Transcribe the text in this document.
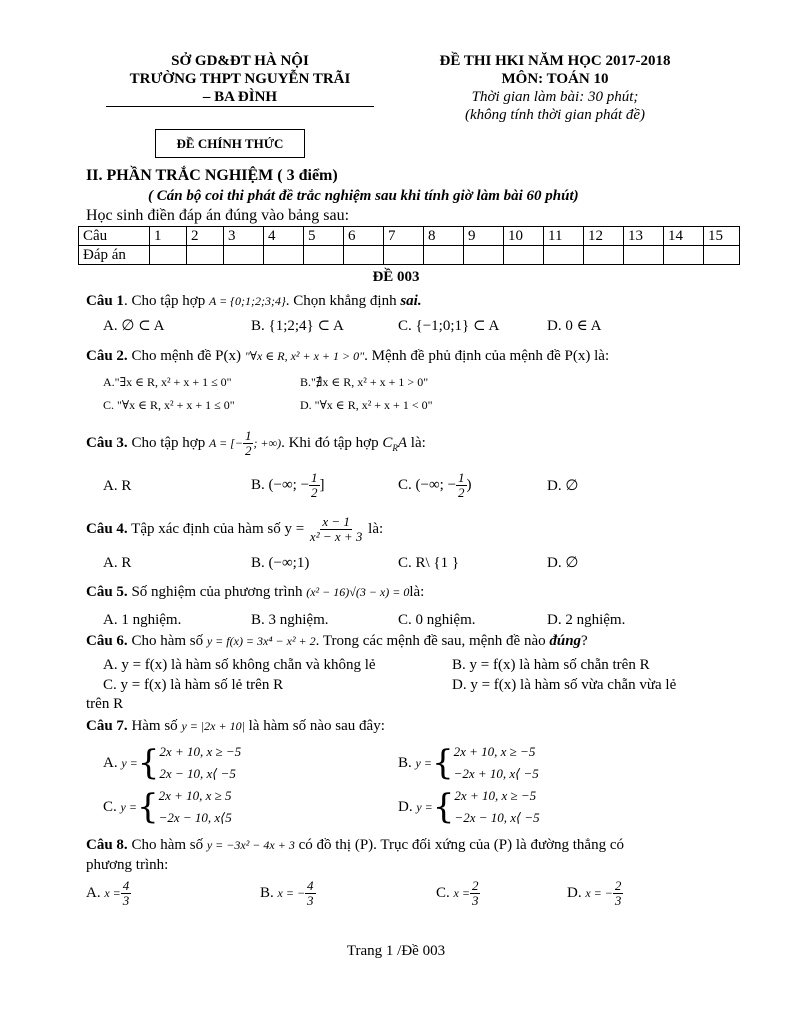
SỞ GD&ĐT HÀ NỘI
TRƯỜNG THPT NGUYỄN TRÃI
– BA ĐÌNH
ĐỀ THI HKI NĂM HỌC 2017-2018
MÔN: TOÁN 10
Thời gian làm bài: 30 phút;
(không tính thời gian phát đề)
ĐỀ CHÍNH THỨC
II. PHẦN TRẮC NGHIỆM ( 3 điểm)
( Cán bộ coi thi phát đề trắc nghiệm sau khi tính giờ làm bài 60 phút)
Học sinh điền đáp án đúng vào bảng sau:
Câu	1	2	3	4	5	6	7	8	9	10	11	12	13	14	15
Đáp án															
ĐỀ 003
Câu 1. Cho tập hợp A = {0;1;2;3;4}. Chọn khẳng định sai.
A. ∅ ⊂ A	B. {1;2;4} ⊂ A	C. {−1;0;1} ⊂ A	D. 0 ∈ A
Câu 2. Cho mệnh đề P(x) "∀x ∈ R, x² + x + 1 > 0". Mệnh đề phủ định của mệnh đề P(x) là:
A."∃x ∈ R, x² + x + 1 ≤ 0"	B."∄x ∈ R, x² + x + 1 > 0"
C. "∀x ∈ R, x² + x + 1 ≤ 0"	D. "∀x ∈ R, x² + x + 1 < 0"
Câu 3. Cho tập hợp A = [− $\frac{1}{2}$ ; +∞). Khi đó tập hợp $C_RA$ là:
A. R	B. (−∞; − $\frac{1}{2}$ ]	C. (−∞; − $\frac{1}{2}$ )	D. ∅
Câu 4. Tập xác định của hàm số $y = \frac{x - 1}{\text{x² − x + 3}}$ là:
A. R	B. (−∞;1)	C. R\ {1 }	D. ∅
Câu 5. Số nghiệm của phương trình (x² − 16)√(3 − x) = 0là:
A. 1 nghiệm.	B. 3 nghiệm.	C. 0 nghiệm.	D. 2 nghiệm.
Câu 6. Cho hàm số y = f(x) = 3x⁴ − x² + 2. Trong các mệnh đề sau, mệnh đề nào đúng?
A. y = f(x) là hàm số không chẵn và không lẻ	B. y = f(x) là hàm số chẵn trên R
C. y = f(x) là hàm số lẻ trên R	D. y = f(x) là hàm số vừa chẵn vừa lẻ
trên R
Câu 7. Hàm số y = |2x + 10| là hàm số nào sau đây:
A.
y = { 2x + 10, x ≥ −5
2x − 10, x⟨ −5
B.
y = { 2x + 10, x ≥ −5
−2x + 10, x⟨ −5
C.
y = { 2x + 10, x ≥ 5
−2x − 10, x⟨5
D.
y = { 2x + 10, x ≥ −5
−2x − 10, x⟨ −5
Câu 8. Cho hàm số y = −3x² − 4x + 3 có đồ thị (P). Trục đối xứng của (P) là đường thẳng có
phương trình:
A. $x = \frac{4}{3}$	B. x = − $\frac{4}{3}$	C. $x = \frac{2}{3}$	D. x = − $\frac{2}{3}$
Trang 1 /Đề 003
